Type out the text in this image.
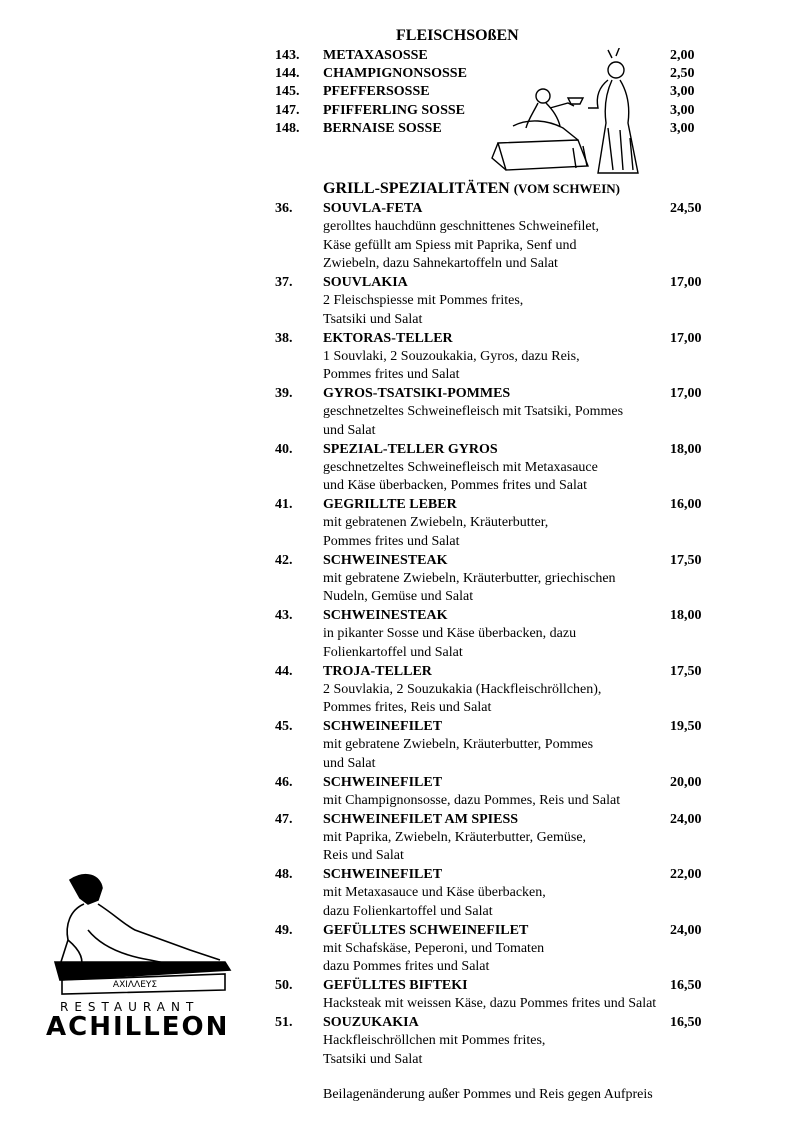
FLEISCHSOßEN
143. METAXASOSSE	2,00
144. CHAMPIGNONSOSSE	2,50
145. PFEFFERSOSSE	3,00
147. PFIFFERLING SOSSE	3,00
148. BERNAISE SOSSE	3,00
GRILL-SPEZIALITÄTEN (VOM SCHWEIN)
36. SOUVLA-FETA	24,50
gerolltes hauchdünn geschnittenes Schweinefilet,
Käse gefüllt am Spiess mit Paprika, Senf und
Zwiebeln, dazu Sahnekartoffeln und Salat
37. SOUVLAKIA	17,00
2 Fleischspiesse mit Pommes frites,
Tsatsiki und Salat
38. EKTORAS-TELLER	17,00
1 Souvlaki, 2 Souzoukakia, Gyros, dazu Reis,
Pommes frites und Salat
39. GYROS-TSATSIKI-POMMES	17,00
geschnetzeltes Schweinefleisch mit Tsatsiki, Pommes
und Salat
40. SPEZIAL-TELLER GYROS	18,00
geschnetzeltes Schweinefleisch mit Metaxasauce
und Käse überbacken, Pommes frites und Salat
41. GEGRILLTE LEBER	16,00
mit gebratenen Zwiebeln, Kräuterbutter,
Pommes frites und Salat
42. SCHWEINESTEAK	17,50
mit gebratene Zwiebeln, Kräuterbutter, griechischen
Nudeln, Gemüse und Salat
43. SCHWEINESTEAK	18,00
in pikanter Sosse und Käse überbacken, dazu
Folienkartoffel und Salat
44. TROJA-TELLER	17,50
2 Souvlakia, 2 Souzukakia (Hackfleischröllchen),
Pommes frites, Reis und Salat
45. SCHWEINEFILET	19,50
mit gebratene Zwiebeln, Kräuterbutter, Pommes
und Salat
46. SCHWEINEFILET	20,00
mit Champignonsosse, dazu Pommes, Reis und Salat
47. SCHWEINEFILET AM SPIESS	24,00
mit Paprika, Zwiebeln, Kräuterbutter, Gemüse,
Reis und Salat
48. SCHWEINEFILET	22,00
mit Metaxasauce und Käse überbacken,
dazu Folienkartoffel und Salat
49. GEFÜLLTES SCHWEINEFILET	24,00
mit Schafskäse, Peperoni, und Tomaten
dazu Pommes frites und Salat
50. GEFÜLLTES BIFTEKI	16,50
Hacksteak mit weissen Käse, dazu Pommes frites und Salat
51. SOUZUKAKIA	16,50
Hackfleischröllchen mit Pommes frites,
Tsatsiki und Salat
Beilagenänderung außer Pommes und Reis gegen Aufpreis
ΑΧΙΛΛΕΥΣ
RESTAURANT
ACHILLEON
